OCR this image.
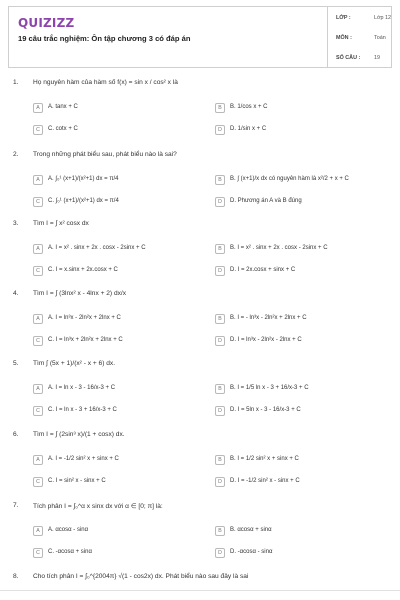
QUIZIZZ
19 câu trắc nghiệm: Ôn tập chương 3 có đáp án
LỚP :	Lớp 12
MÔN :	Toán
SỐ CÂU :	19
1. Họ nguyên hàm của hàm số f(x) = sin x / cos² x là
A	A. tanx + C	B	B. 1/cos x + C
C	C. cotx + C	D	D. 1/sin x + C
2. Trong những phát biểu sau, phát biểu nào là sai?
A	A. ∫₀¹ (x+1)/(x²+1) dx = π/4	B	B. ∫ (x+1)/x dx có nguyên hàm là x²/2 + x + C
C	C. ∫₀¹ (x+1)/(x²+1) dx = π/4	D	D. Phương án A và B đúng
3. Tìm I = ∫ x² cosx dx
A	A. I = x² . sinx + 2x . cosx - 2sinx + C	B	B. I = x² . sinx + 2x . cosx - 2sinx + C
C	C. I = x.sinx + 2x.cosx + C	D	D. I = 2x.cosx + sinx + C
4. Tìm I = ∫ (3lnx² x - 4lnx + 2) dx/x
A	A. I = ln³x - 2ln²x + 2lnx + C	B	B. I = - ln³x - 2ln²x + 2lnx + C
C	C. I = ln³x + 2ln²x + 2lnx + C	D	D. I = ln³x - 2ln²x - 2lnx + C
5. Tìm ∫ (5x + 1)/(x² - x + 6) dx.
A	A. I = ln x - 3 - 16/x-3 + C	B	B. I = 1/5 ln x - 3 + 16/x-3 + C
C	C. I = ln x - 3 + 16/x-3 + C	D	D. I = 5ln x - 3 - 16/x-3 + C
6. Tìm I = ∫ (2sin³ x)/(1 + cosx) dx.
A	A. I = -1/2 sin² x + sinx + C	B	B. I = 1/2 sin² x + sinx + C
C	C. I = sin² x - sinx + C	D	D. I = -1/2 sin² x - sinx + C
7. Tích phân I = ∫₀^α x sinx dx với α ∈ [0; π] là:
A	A. αcosα - sinα	B	B. αcosα + sinα
C	C. -αcosα + sinα	D	D. -αcosα - sinα
8. Cho tích phân I = ∫₀^{2004π} √(1 - cos2x) dx. Phát biểu nào sau đây là sai
